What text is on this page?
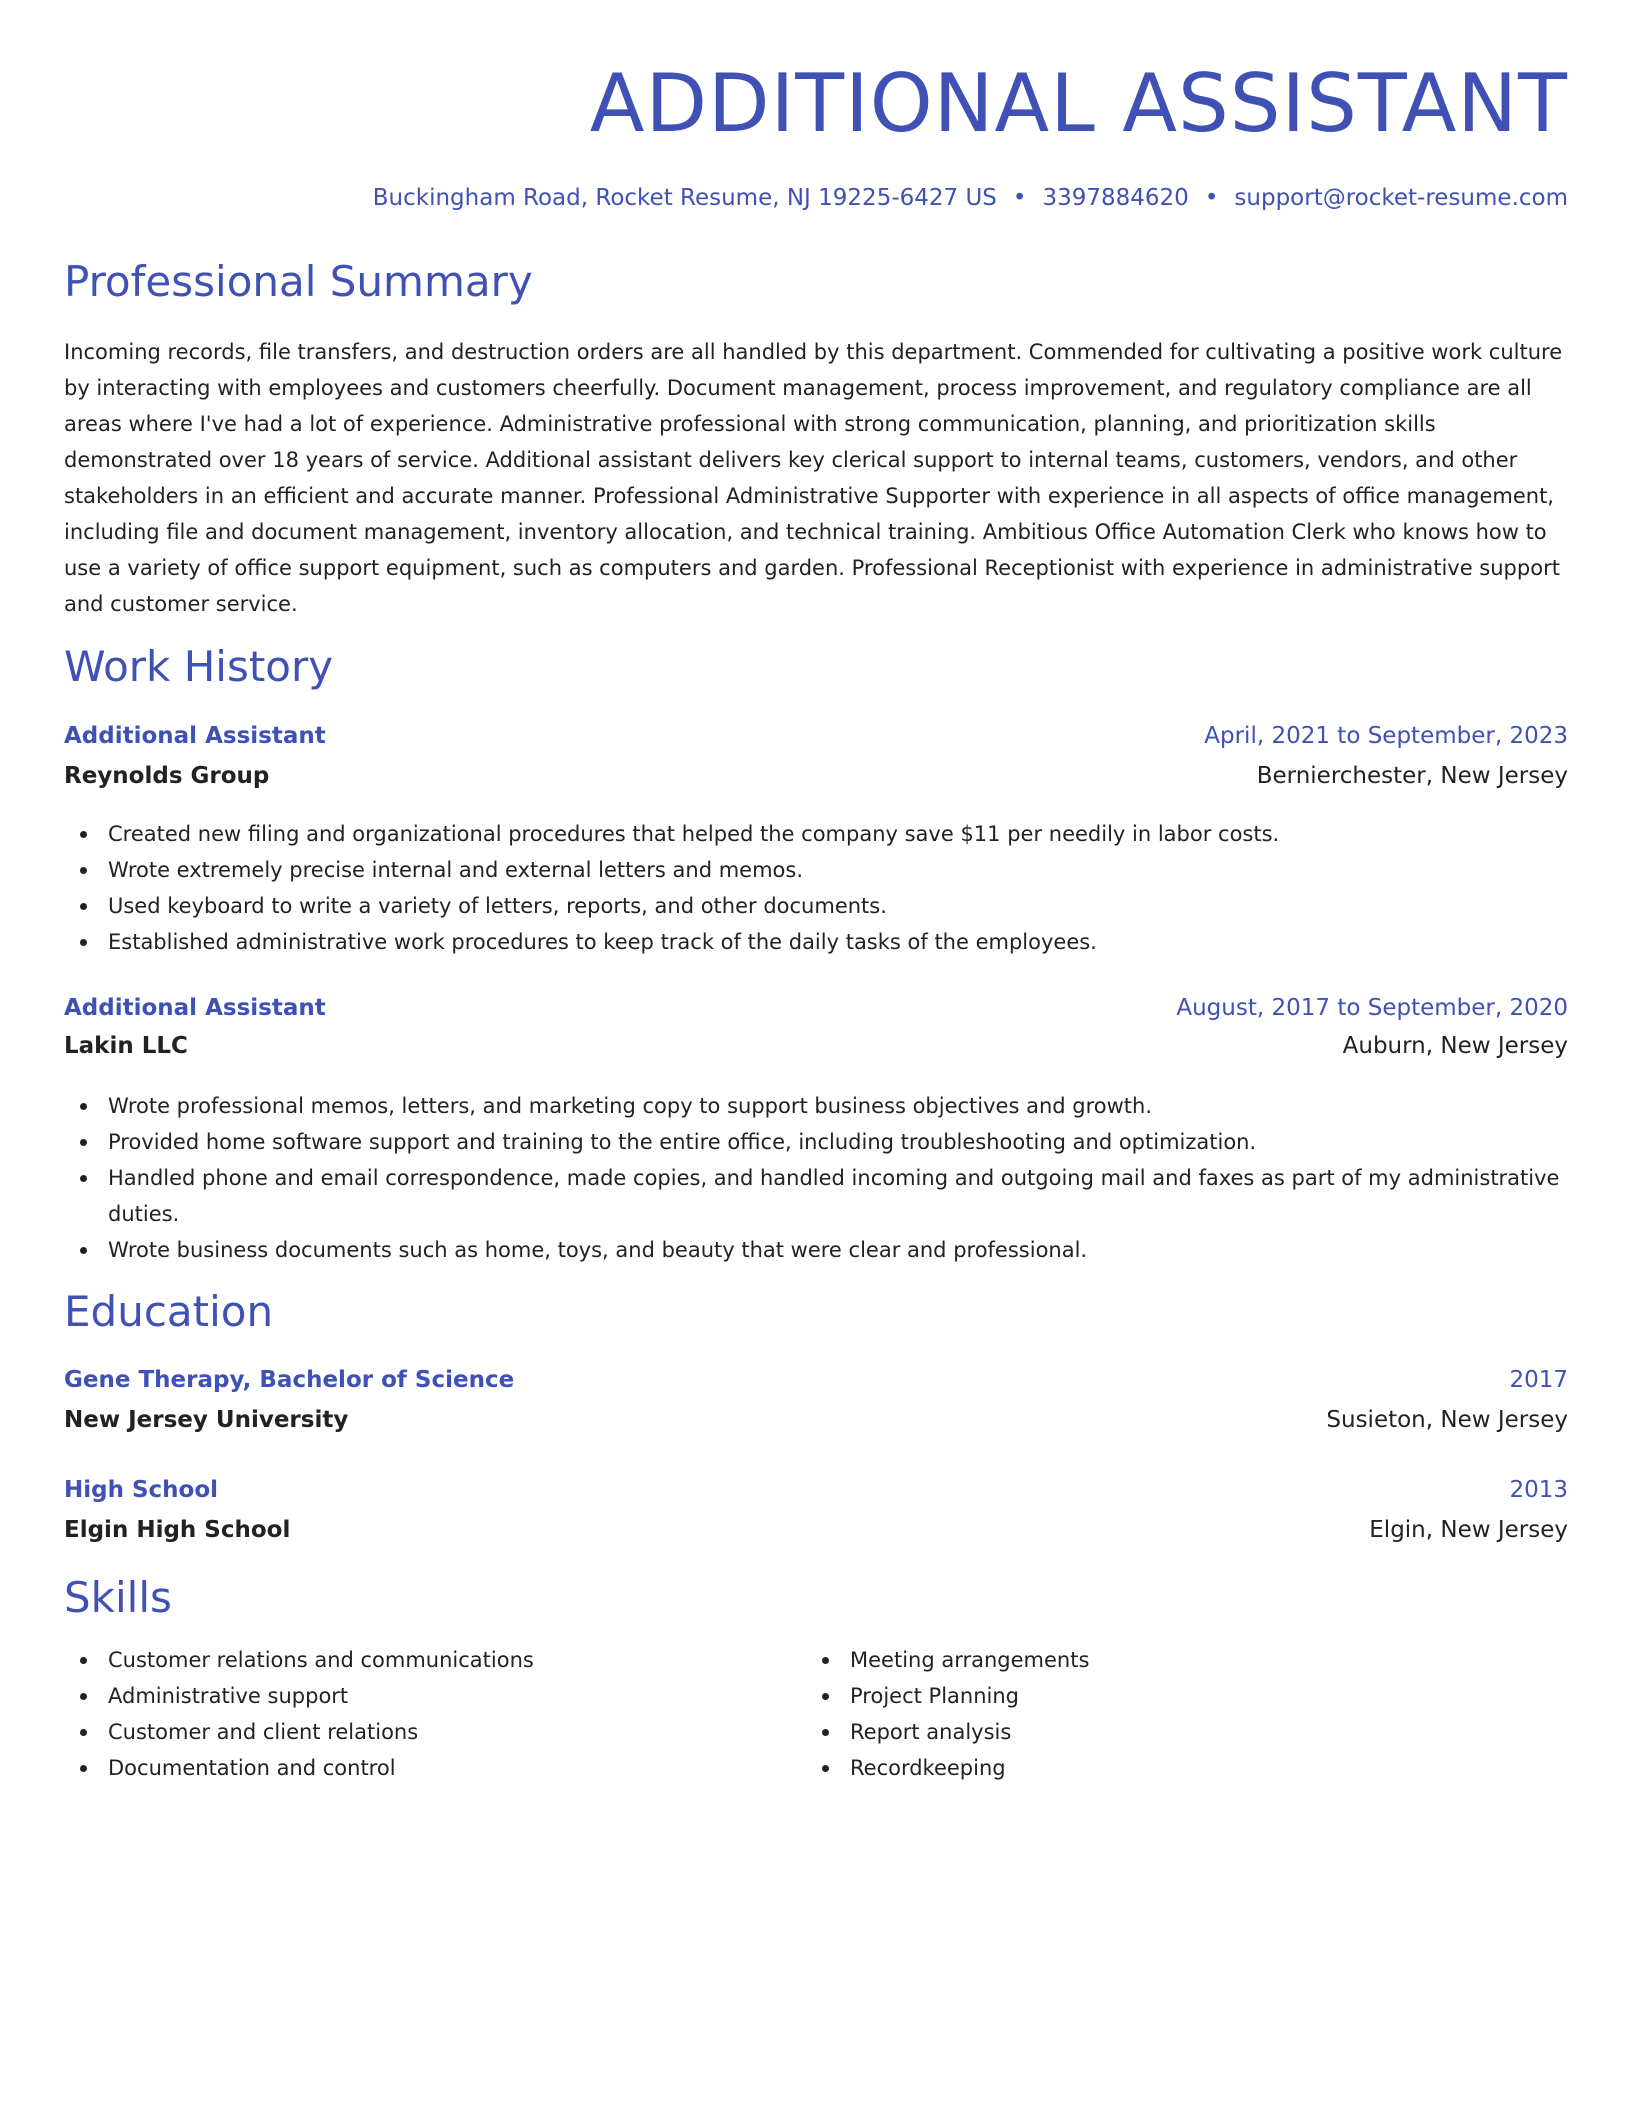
ADDITIONAL ASSISTANT
Buckingham Road, Rocket Resume, NJ 19225-6427 US • 3397884620 • support@rocket-resume.com
Professional Summary

Incoming records, file transfers, and destruction orders are all handled by this department. Commended for cultivating a positive work culture by interacting with employees and customers cheerfully. Document management, process improvement, and regulatory compliance are all areas where I've had a lot of experience. Administrative professional with strong communication, planning, and prioritization skills demonstrated over 18 years of service. Additional assistant delivers key clerical support to internal teams, customers, vendors, and other stakeholders in an efficient and accurate manner. Professional Administrative Supporter with experience in all aspects of office management, including file and document management, inventory allocation, and technical training. Ambitious Office Automation Clerk who knows how to use a variety of office support equipment, such as computers and garden. Professional Receptionist with experience in administrative support and customer service.

Work History
Additional Assistant	April, 2021 to September, 2023
Reynolds Group	Bernierchester, New Jersey
Created new filing and organizational procedures that helped the company save $11 per needily in labor costs.
Wrote extremely precise internal and external letters and memos.
Used keyboard to write a variety of letters, reports, and other documents.
Established administrative work procedures to keep track of the daily tasks of the employees.
Additional Assistant	August, 2017 to September, 2020
Lakin LLC	Auburn, New Jersey
Wrote professional memos, letters, and marketing copy to support business objectives and growth.
Provided home software support and training to the entire office, including troubleshooting and optimization.
Handled phone and email correspondence, made copies, and handled incoming and outgoing mail and faxes as part of my administrative duties.
Wrote business documents such as home, toys, and beauty that were clear and professional.
Education
Gene Therapy, Bachelor of Science	2017
New Jersey University	Susieton, New Jersey
High School	2013
Elgin High School	Elgin, New Jersey
Skills
Customer relations and communications
Administrative support
Customer and client relations
Documentation and control
Meeting arrangements
Project Planning
Report analysis
Recordkeeping
